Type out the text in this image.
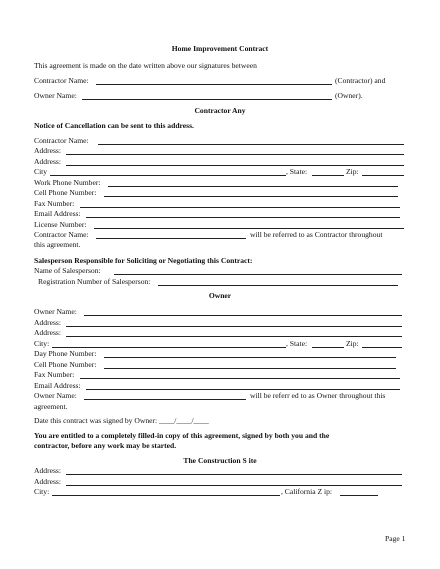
Home Improvement Contract
This agreement is made on the date written above our signatures between
Contractor Name:	(Contractor) and
Owner Name:	(Owner).
Contractor Any
Notice of Cancellation can be sent to this address.
Contractor Name:
Address:
Address:
City	, State:	Zip:
Work Phone Number:
Cell Phone Number:
Fax Number:
Email Address:
License Number:
Contractor Name:	will be referred to as Contractor throughout
this agreement.
Salesperson Responsible for Soliciting or Negotiating this Contract:
Name of Salesperson:
Registration Number of Salesperson:
Owner
Owner Name:
Address:
Address:
City:	, State:	Zip:
Day Phone Number:
Cell Phone Number:
Fax Number:
Email Address:
Owner Name:	will be referr ed to as Owner throughout this
agreement.
Date this contract was signed by Owner: ____/____/____
You are entitled to a completely filled-in copy of this agreement, signed by both you and the
contractor, before any work may be started.
The Construction S ite
Address:
Address:
City:	, California Z ip:
Page 1
